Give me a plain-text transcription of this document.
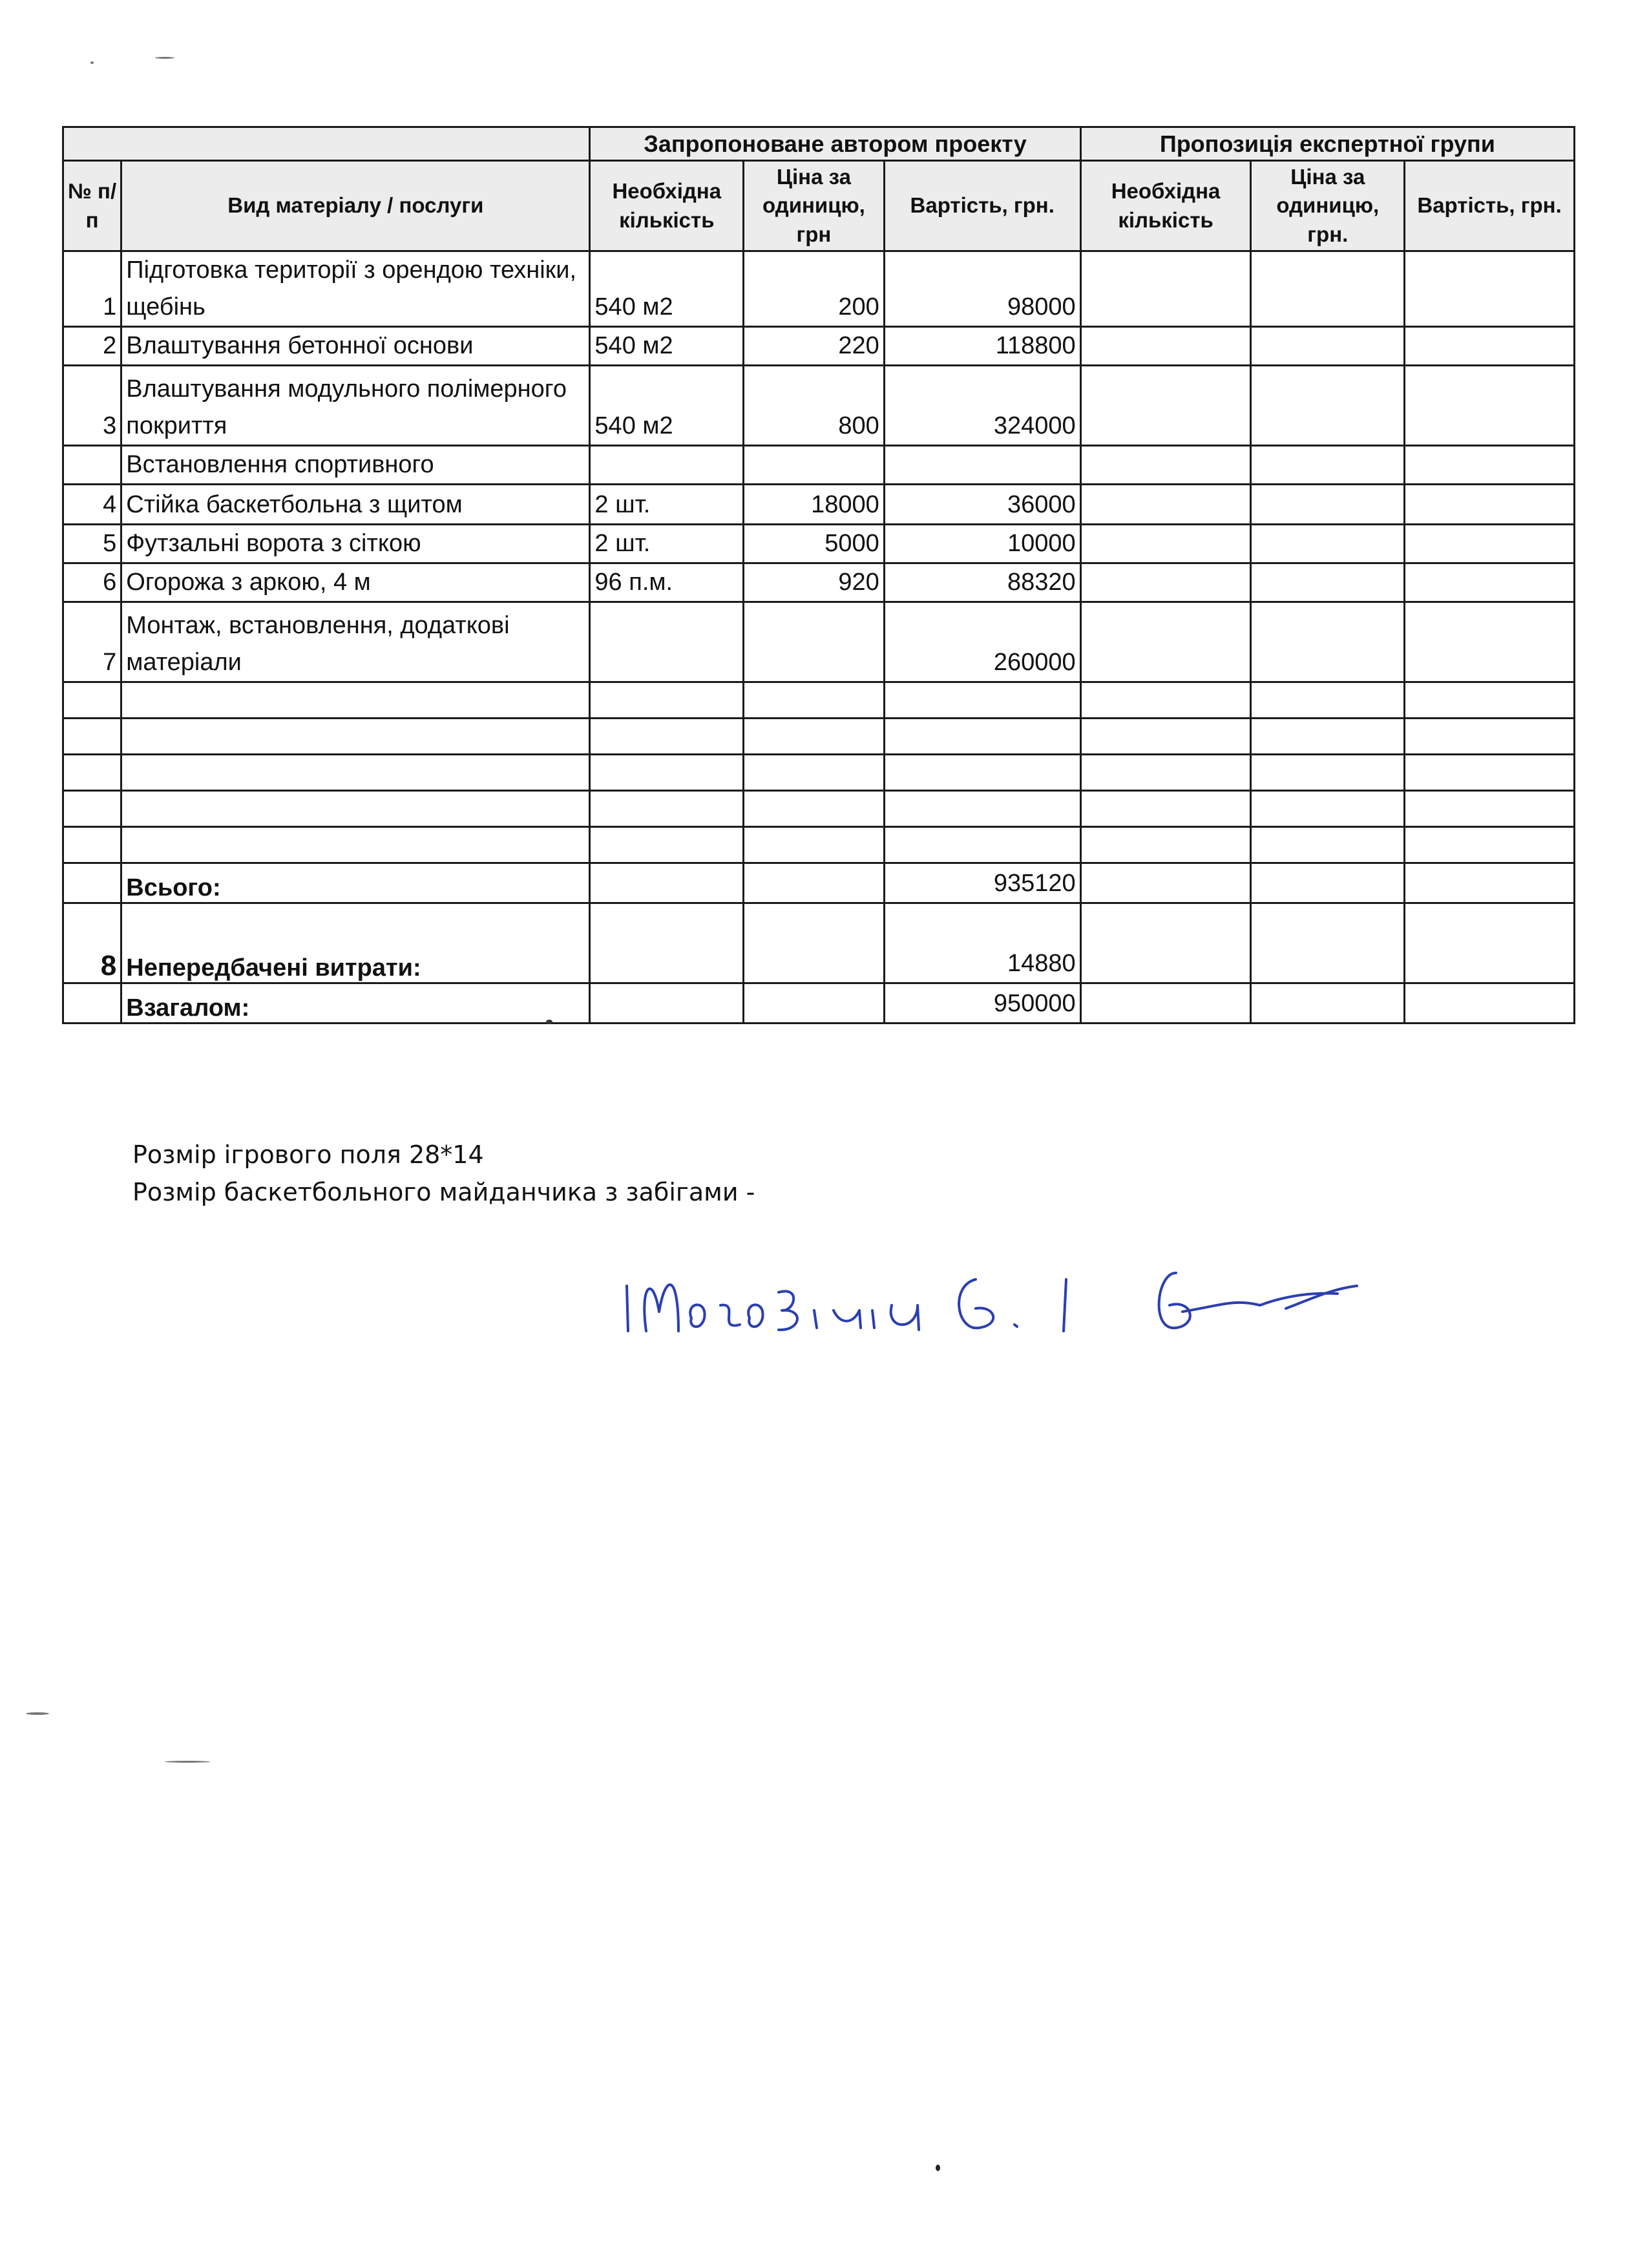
		Запропоноване автором проекту			Пропозиція експертної групи		
№ п/п	Вид матеріалу / послуги	Необхідна кількість	Ціна за одиницю, грн	Вартість, грн.	Необхідна кількість	Ціна за одиницю, грн.	Вартість, грн.
1	Підготовка території з орендою техніки, щебінь	540 м2	200	98000			
2	Влаштування бетонної основи	540 м2	220	118800			
3	Влаштування модульного полімерного покриття	540 м2	800	324000			
	Встановлення спортивного						
4	Стійка баскетбольна з щитом	2 шт.	18000	36000			
5	Футзальні ворота з сіткою	2 шт.	5000	10000			
6	Огорожа з аркою, 4 м	96 п.м.	920	88320			
7	Монтаж, встановлення, додаткові матеріали			260000			

	Всього:			935120			
8	Непередбачені витрати:			14880			
	Взагалом:			950000			
Розмір ігрового поля 28*14
Розмір баскетбольного майданчика з забігами -
